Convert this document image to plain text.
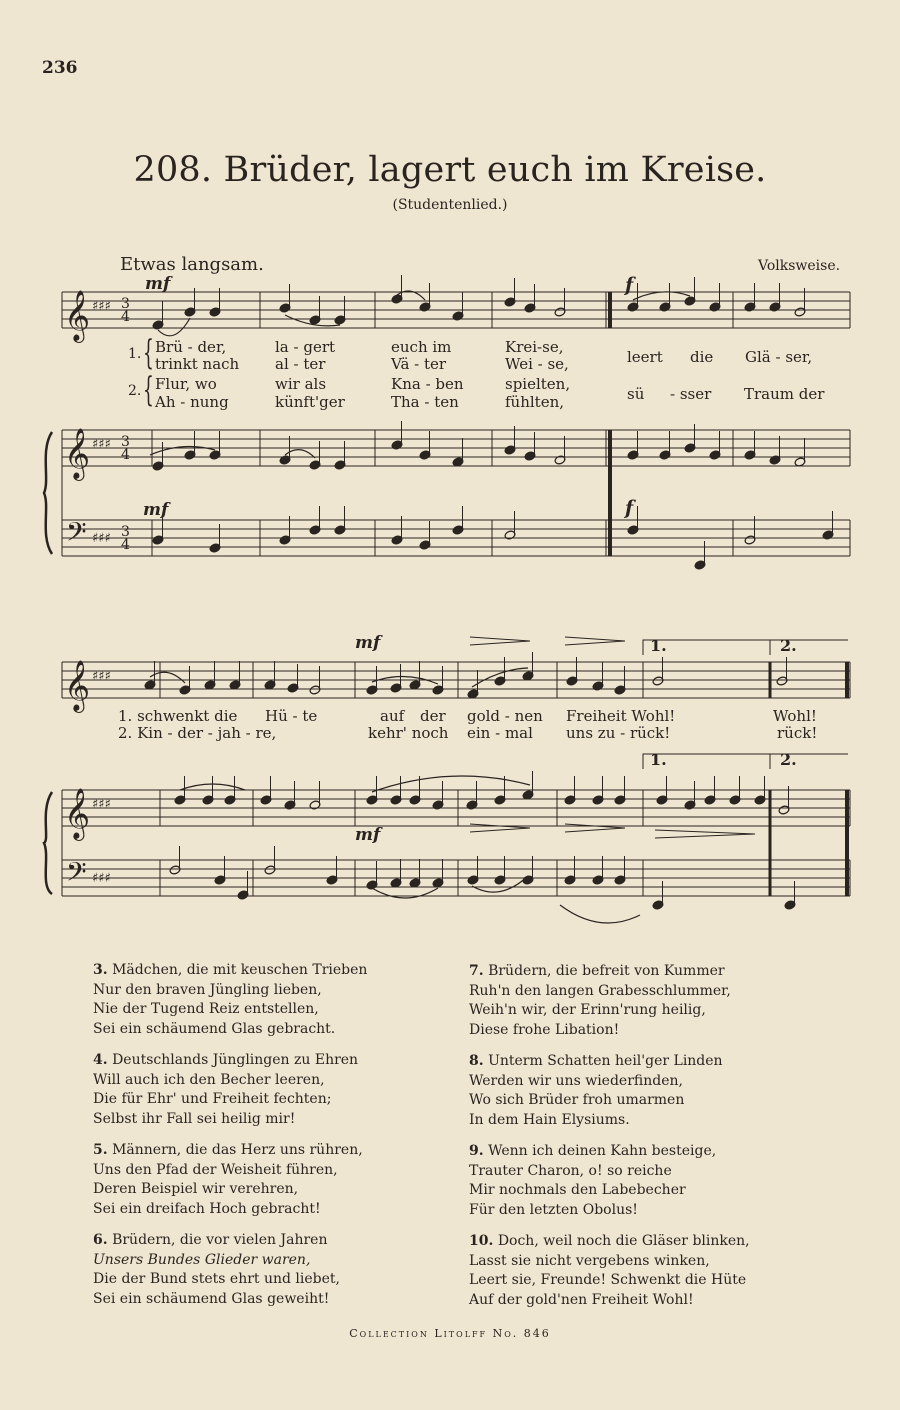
236
208. Brüder, lagert euch im Kreise.
(Studentenlied.)
Etwas langsam.	Volksweise.
𝄞 ♯♯♯
𝄞 ♯♯♯
𝄞 ♯♯♯
𝄞 ♯♯♯
𝄢 ♯♯♯
𝄢 ♯♯♯
3
4
3
4
3
4
mf	f
mf	f
1.
2.
{
{
Brü - der,	la - gert	euch im	Krei-se,
trinkt nach al - ter	Vä - ter	Wei - se,	leert die Glä - ser,
Flur, wo	wir als	Kna - ben	spielten,
Ah - nung	künft'ger	Tha - ten	fühlten,	sü - sser Traum der
mf
mf
1.	2.
1.	2.
1. schwenkt die Hü - te	auf der gold - nen Freiheit Wohl!	Wohl!
2. Kin - der - jah - re,	kehr' noch ein - mal uns zu - rück!	rück!
3. Mädchen, die mit keuschen Trieben
Nur den braven Jüngling lieben,
Nie der Tugend Reiz entstellen,
Sei ein schäumend Glas gebracht.
4. Deutschlands Jünglingen zu Ehren
Will auch ich den Becher leeren,
Die für Ehr' und Freiheit fechten;
Selbst ihr Fall sei heilig mir!
5. Männern, die das Herz uns rühren,
Uns den Pfad der Weisheit führen,
Deren Beispiel wir verehren,
Sei ein dreifach Hoch gebracht!
6. Brüdern, die vor vielen Jahren
Unsers Bundes Glieder waren,
Die der Bund stets ehrt und liebet,
Sei ein schäumend Glas geweiht!
7. Brüdern, die befreit von Kummer
Ruh'n den langen Grabesschlummer,
Weih'n wir, der Erinn'rung heilig,
Diese frohe Libation!
8. Unterm Schatten heil'ger Linden
Werden wir uns wiederfinden,
Wo sich Brüder froh umarmen
In dem Hain Elysiums.
9. Wenn ich deinen Kahn besteige,
Trauter Charon, o! so reiche
Mir nochmals den Labebecher
Für den letzten Obolus!
10. Doch, weil noch die Gläser blinken,
Lasst sie nicht vergebens winken,
Leert sie, Freunde! Schwenkt die Hüte
Auf der gold'nen Freiheit Wohl!
Collection Litolff No. 846
